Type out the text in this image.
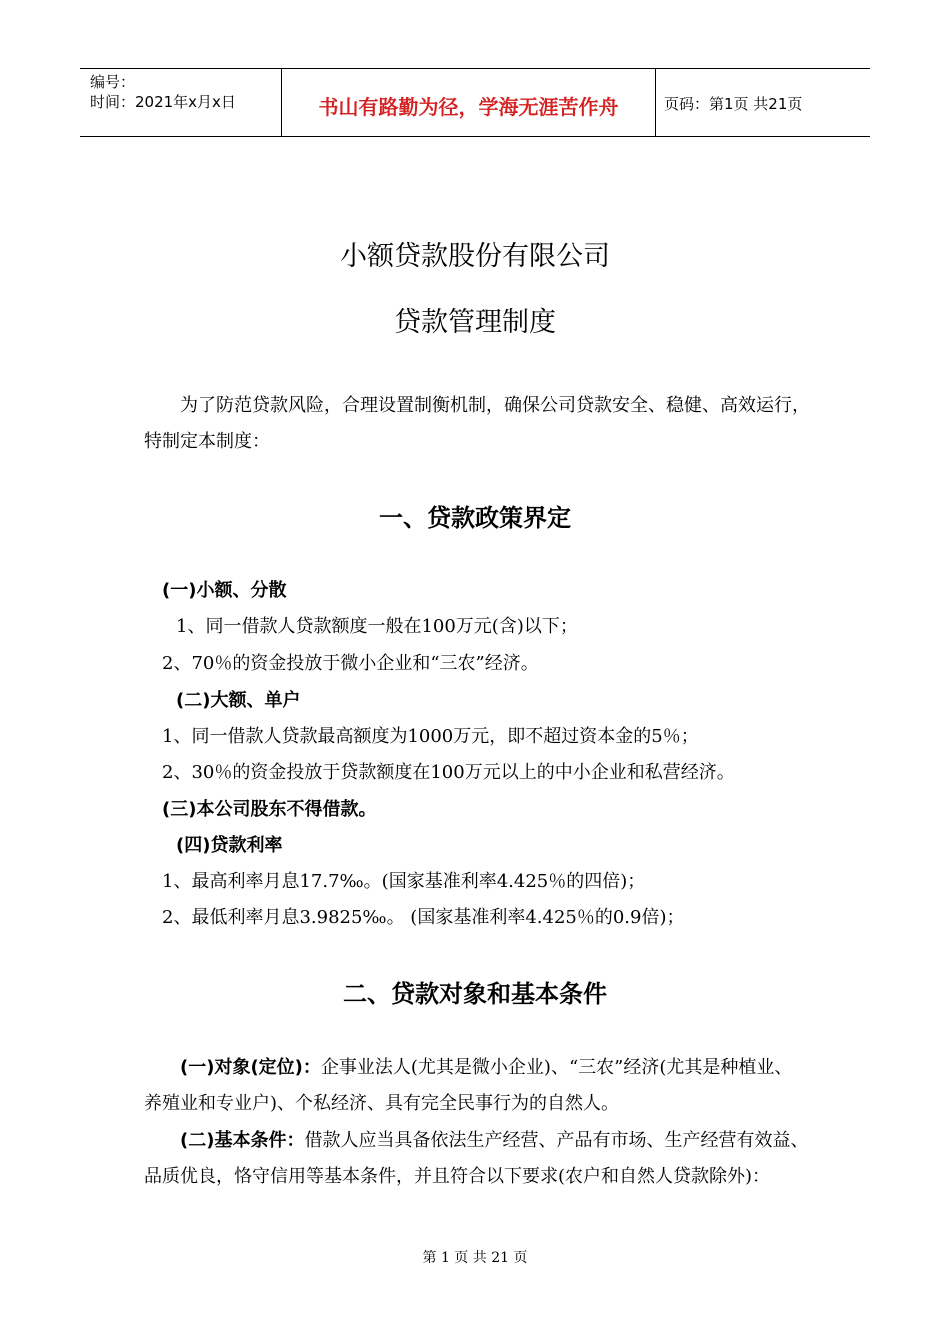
编号：
时间：2021年x月x日	书山有路勤为径，学海无涯苦作舟	页码：第1页 共21页
小额贷款股份有限公司
贷款管理制度
为了防范贷款风险，合理设置制衡机制，确保公司贷款安全、稳健、高效运行，特制定本制度：
一、贷款政策界定
(一)小额、分散
1、同一借款人贷款额度一般在100万元(含)以下；
2、70％的资金投放于微小企业和“三农”经济。
(二)大额、单户
1、同一借款人贷款最高额度为1000万元，即不超过资本金的5％；
2、30％的资金投放于贷款额度在100万元以上的中小企业和私营经济。
(三)本公司股东不得借款。
(四)贷款利率
1、最高利率月息17.7‰。(国家基准利率4.425％的四倍)；
2、最低利率月息3.9825‰。 (国家基准利率4.425％的0.9倍)；
二、贷款对象和基本条件
(一)对象(定位)：企事业法人(尤其是微小企业)、“三农”经济(尤其是种植业、养殖业和专业户)、个私经济、具有完全民事行为的自然人。
(二)基本条件：借款人应当具备依法生产经营、产品有市场、生产经营有效益、品质优良，恪守信用等基本条件，并且符合以下要求(农户和自然人贷款除外)：
第 1 页 共 21 页
